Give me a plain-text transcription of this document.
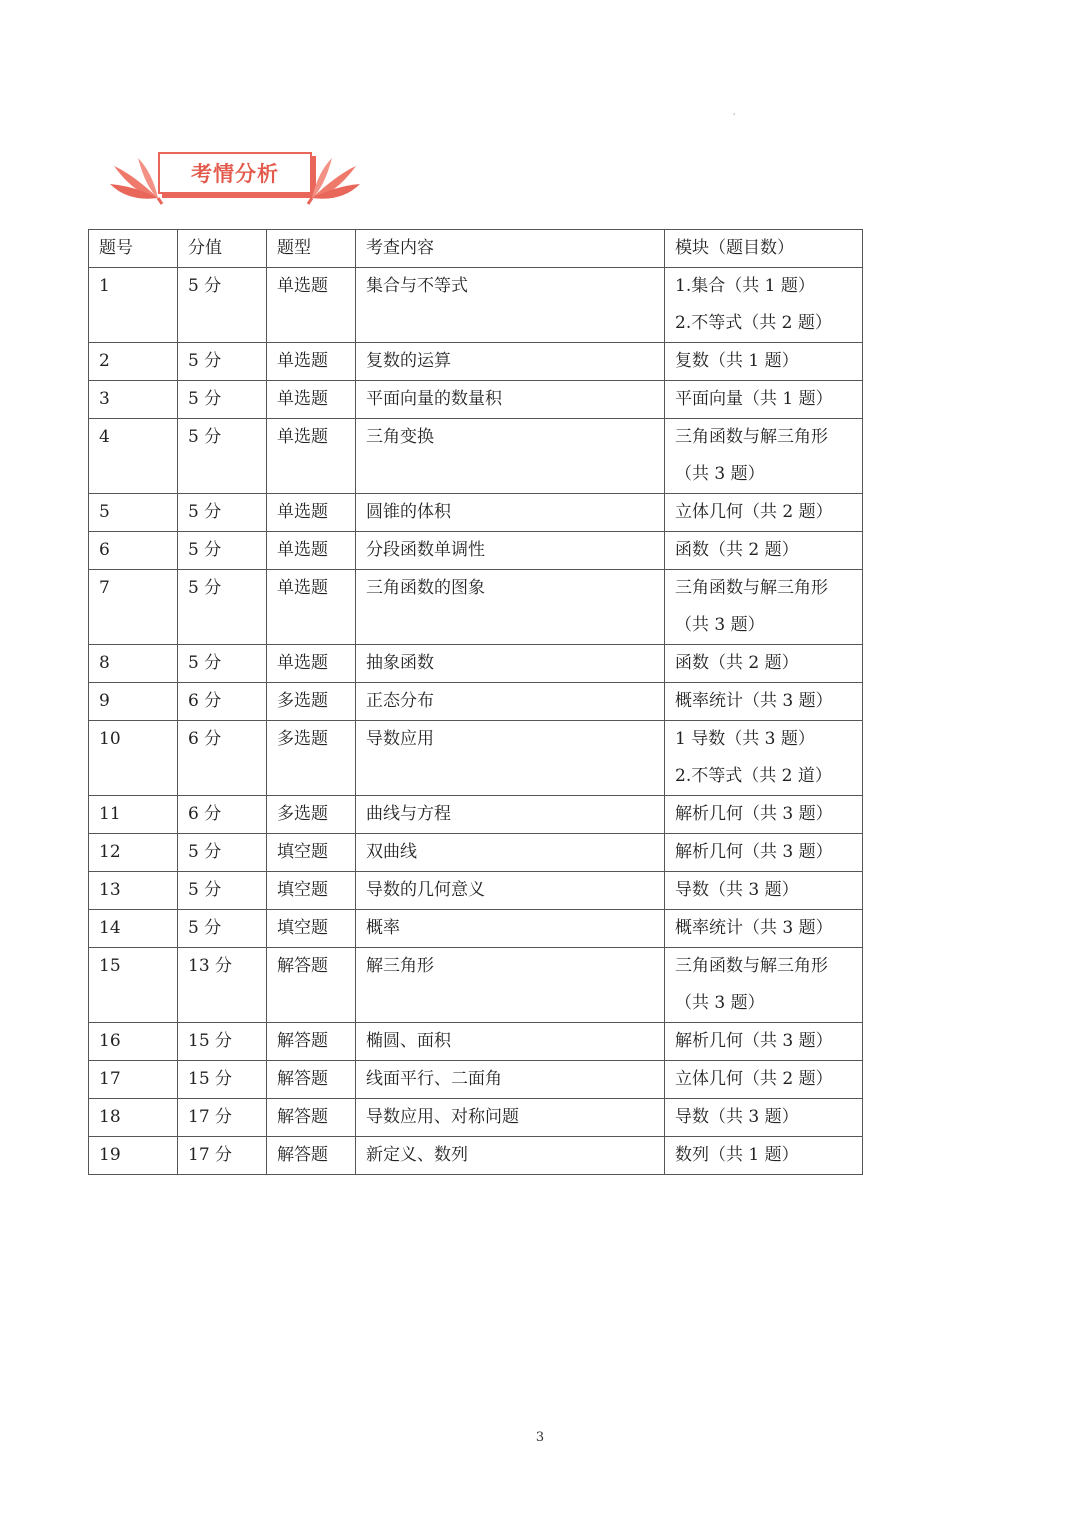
'
考情分析
题号	分值	题型	考查内容	模块（题目数）
1	5 分	单选题	集合与不等式	1.集合（共 1 题）
2.不等式（共 2 题）

2	5 分	单选题	复数的运算	复数（共 1 题）

3	5 分	单选题	平面向量的数量积	平面向量（共 1 题）

4	5 分	单选题	三角变换	三角函数与解三角形
（共 3 题）

5	5 分	单选题	圆锥的体积	立体几何（共 2 题）

6	5 分	单选题	分段函数单调性	函数（共 2 题）

7	5 分	单选题	三角函数的图象	三角函数与解三角形
（共 3 题）

8	5 分	单选题	抽象函数	函数（共 2 题）

9	6 分	多选题	正态分布	概率统计（共 3 题）

10	6 分	多选题	导数应用	1 导数（共 3 题）
2.不等式（共 2 道）

11	6 分	多选题	曲线与方程	解析几何（共 3 题）

12	5 分	填空题	双曲线	解析几何（共 3 题）

13	5 分	填空题	导数的几何意义	导数（共 3 题）

14	5 分	填空题	概率	概率统计（共 3 题）

15	13 分	解答题	解三角形	三角函数与解三角形
（共 3 题）

16	15 分	解答题	椭圆、面积	解析几何（共 3 题）

17	15 分	解答题	线面平行、二面角	立体几何（共 2 题）

18	17 分	解答题	导数应用、对称问题	导数（共 3 题）

19	17 分	解答题	新定义、数列	数列（共 1 题）
3
